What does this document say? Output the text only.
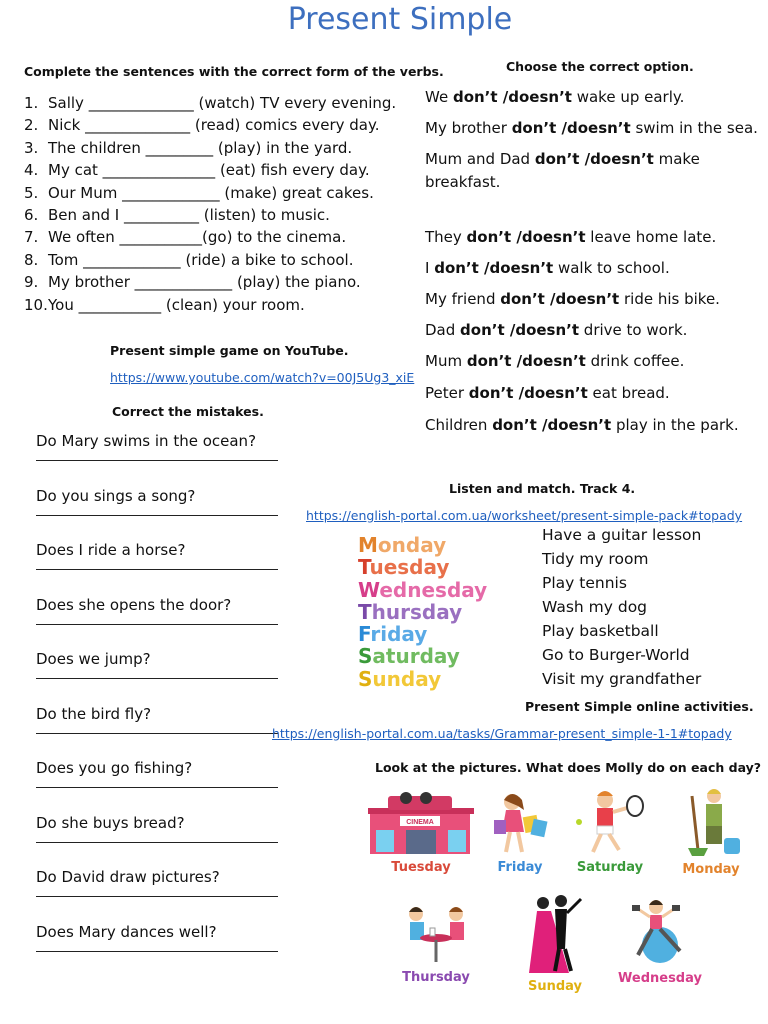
Present Simple
Complete the sentences with the correct form of the verbs.
1. Sally ______________ (watch) TV every evening.
2. Nick ______________ (read) comics every day.
3. The children _________ (play) in the yard.
4. My cat _______________ (eat) fish every day.
5. Our Mum _____________ (make) great cakes.
6. Ben and I __________ (listen) to music.
7. We often ___________(go) to the cinema.
8. Tom _____________ (ride) a bike to school.
9. My brother _____________ (play) the piano.
10.You ___________ (clean) your room.
Present simple game on YouTube.
https://www.youtube.com/watch?v=00J5Ug3_xiE
Choose the correct option.
We don’t /doesn’t wake up early.
My brother don’t /doesn’t swim in the sea.
Mum and Dad don’t /doesn’t make breakfast.
They don’t /doesn’t leave home late.
I don’t /doesn’t walk to school.
My friend don’t /doesn’t ride his bike.
Dad don’t /doesn’t drive to work.
Mum don’t /doesn’t drink coffee.
Peter don’t /doesn’t eat bread.
Children don’t /doesn’t play in the park.
Correct the mistakes.
Do Mary swims in the ocean?
Do you sings a song?
Does I ride a horse?
Does she opens the door?
Does we jump?
Do the bird fly?
Does you go fishing?
Do she buys bread?
Do David draw pictures?
Does Mary dances well?
Listen and match. Track 4.
https://english-portal.com.ua/worksheet/present-simple-pack#topady
Monday
Tuesday
Wednesday
Thursday
Friday
Saturday
Sunday
Have a guitar lesson
Tidy my room
Play tennis
Wash my dog
Play basketball
Go to Burger-World
Visit my grandfather
Present Simple online activities.
https://english-portal.com.ua/tasks/Grammar-present_simple-1-1#topady
Look at the pictures. What does Molly do on each day?
CINEMA
Tuesday	Friday	Saturday	Monday
Thursday
Sunday
Wednesday
